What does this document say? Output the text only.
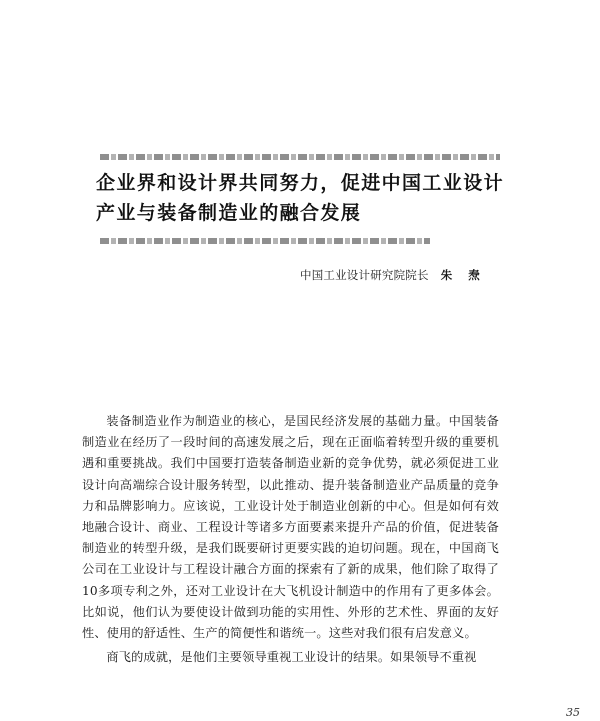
企业界和设计界共同努力，促进中国工业设计
产业与装备制造业的融合发展
中国工业设计研究院院长 朱焘

装备制造业作为制造业的核心，是国民经济发展的基础力量。中国装备制造业在经历了一段时间的高速发展之后，现在正面临着转型升级的重要机遇和重要挑战。我们中国要打造装备制造业新的竞争优势，就必须促进工业设计向高端综合设计服务转型，以此推动、提升装备制造业产品质量的竞争力和品牌影响力。应该说，工业设计处于制造业创新的中心。但是如何有效地融合设计、商业、工程设计等诸多方面要素来提升产品的价值，促进装备制造业的转型升级，是我们既要研讨更要实践的迫切问题。现在，中国商飞公司在工业设计与工程设计融合方面的探索有了新的成果，他们除了取得了10多项专利之外，还对工业设计在大飞机设计制造中的作用有了更多体会。比如说，他们认为要使设计做到功能的实用性、外形的艺术性、界面的友好性、使用的舒适性、生产的简便性和谐统一。这些对我们很有启发意义。

商飞的成就，是他们主要领导重视工业设计的结果。如果领导不重视

35
